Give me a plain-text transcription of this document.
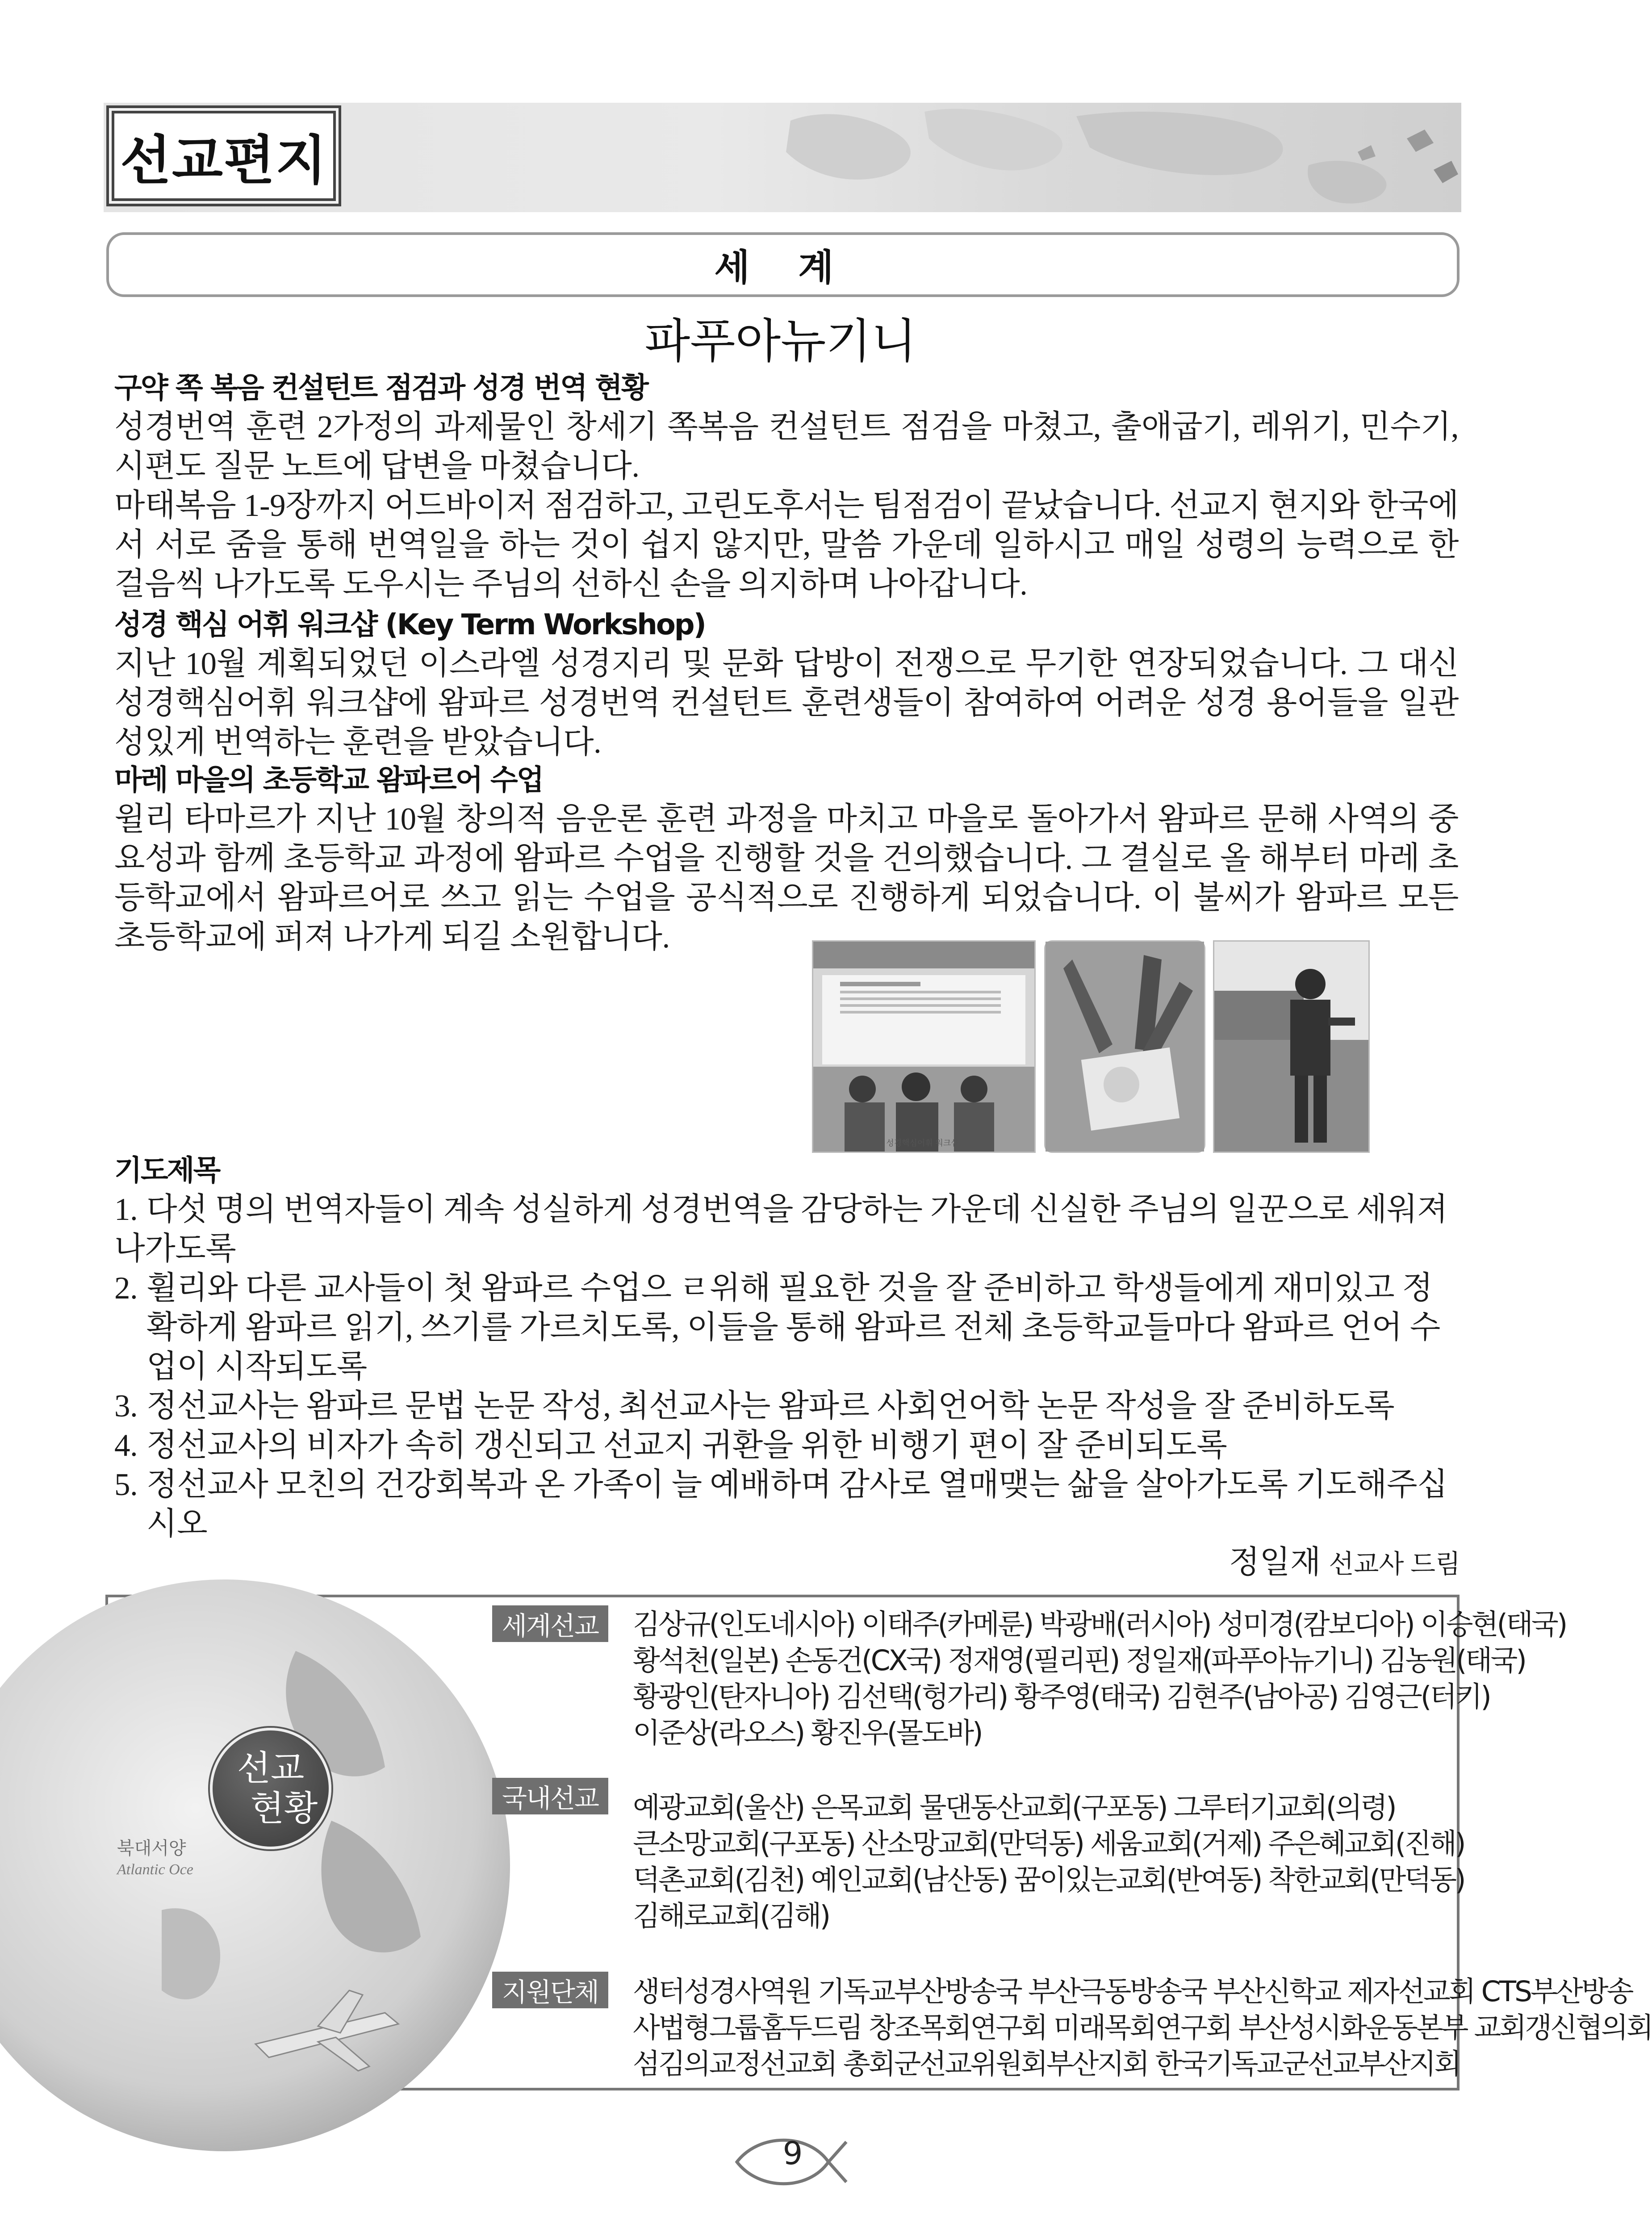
선교편지
세 계
파푸아뉴기니
구약 쪽 복음 컨설턴트 점검과 성경 번역 현황
성경번역 훈련 2가정의 과제물인 창세기 쪽복음 컨설턴트 점검을 마쳤고, 출애굽기, 레위기, 민수기, 시편도 질문 노트에 답변을 마쳤습니다.
마태복음 1-9장까지 어드바이저 점검하고, 고린도후서는 팀점검이 끝났습니다. 선교지 현지와 한국에서 서로 줌을 통해 번역일을 하는 것이 쉽지 않지만, 말씀 가운데 일하시고 매일 성령의 능력으로 한 걸음씩 나가도록 도우시는 주님의 선하신 손을 의지하며 나아갑니다.
성경 핵심 어휘 워크샵 (Key Term Workshop)
지난 10월 계획되었던 이스라엘 성경지리 및 문화 답방이 전쟁으로 무기한 연장되었습니다. 그 대신 성경핵심어휘 워크샵에 왐파르 성경번역 컨설턴트 훈련생들이 참여하여 어려운 성경 용어들을 일관성있게 번역하는 훈련을 받았습니다.
마레 마을의 초등학교 왐파르어 수업
윌리 타마르가 지난 10월 창의적 음운론 훈련 과정을 마치고 마을로 돌아가서 왐파르 문해 사역의 중요성과 함께 초등학교 과정에 왐파르 수업을 진행할 것을 건의했습니다. 그 결실로 올 해부터 마레 초등학교에서 왐파르어로 쓰고 읽는 수업을 공식적으로 진행하게 되었습니다. 이 불씨가 왐파르 모든 초등학교에 퍼져 나가게 되길 소원합니다.
성경핵심어휘 워크샵
기도제목
1. 다섯 명의 번역자들이 계속 성실하게 성경번역을 감당하는 가운데 신실한 주님의 일꾼으로 세워져
나가도록
2. 휠리와 다른 교사들이 첫 왐파르 수업으 ㄹ위해 필요한 것을 잘 준비하고 학생들에게 재미있고 정
확하게 왐파르 읽기, 쓰기를 가르치도록, 이들을 통해 왐파르 전체 초등학교들마다 왐파르 언어 수
업이 시작되도록
3. 정선교사는 왐파르 문법 논문 작성, 최선교사는 왐파르 사회언어학 논문 작성을 잘 준비하도록
4. 정선교사의 비자가 속히 갱신되고 선교지 귀환을 위한 비행기 편이 잘 준비되도록
5. 정선교사 모친의 건강회복과 온 가족이 늘 예배하며 감사로 열매맺는 삶을 살아가도록 기도해주십
시오
정일재 선교사 드림
북대서양
Atlantic Oce
세계선교	김상규(인도네시아) 이태주(카메룬) 박광배(러시아) 성미경(캄보디아) 이승현(태국)
황석천(일본) 손동건(CX국) 정재영(필리핀) 정일재(파푸아뉴기니) 김농원(태국)
황광인(탄자니아) 김선택(헝가리) 황주영(태국) 김현주(남아공) 김영근(터키)
이준상(라오스) 황진우(몰도바)
국내선교	예광교회(울산) 은목교회 물댄동산교회(구포동) 그루터기교회(의령)
큰소망교회(구포동) 산소망교회(만덕동) 세움교회(거제) 주은혜교회(진해)
덕촌교회(김천) 예인교회(남산동) 꿈이있는교회(반여동) 착한교회(만덕동)
김해로교회(김해)
지원단체	생터성경사역원 기독교부산방송국 부산극동방송국 부산신학교 제자선교회 CTS부산방송
사법형그룹홈두드림 창조목회연구회 미래목회연구회 부산성시화운동본부 교회갱신협의회
섬김의교정선교회 총회군선교위원회부산지회 한국기독교군선교부산지회
선교
현황
9
